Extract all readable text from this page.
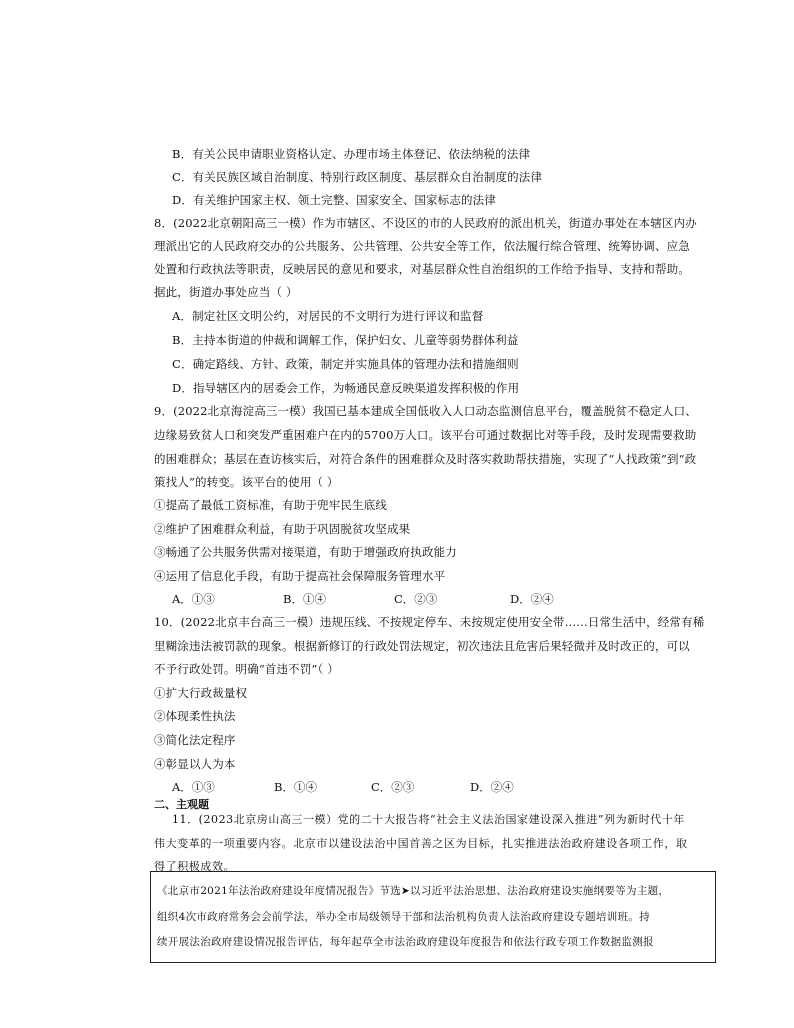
B．有关公民申请职业资格认定、办理市场主体登记、依法纳税的法律
C．有关民族区域自治制度、特别行政区制度、基层群众自治制度的法律
D．有关维护国家主权、领土完整、国家安全、国家标志的法律
8．(2022北京朝阳高三一模）作为市辖区、不设区的市的人民政府的派出机关，街道办事处在本辖区内办
理派出它的人民政府交办的公共服务、公共管理、公共安全等工作，依法履行综合管理、统筹协调、应急
处置和行政执法等职责，反映居民的意见和要求，对基层群众性自治组织的工作给予指导、支持和帮助。
据此，街道办事处应当（ ）
A．制定社区文明公约，对居民的不文明行为进行评议和监督
B．主持本街道的仲裁和调解工作，保护妇女、儿童等弱势群体利益
C．确定路线、方针、政策，制定并实施具体的管理办法和措施细则
D．指导辖区内的居委会工作，为畅通民意反映渠道发挥积极的作用
9．(2022北京海淀高三一模）我国已基本建成全国低收入人口动态监测信息平台，覆盖脱贫不稳定人口、
边缘易致贫人口和突发严重困难户在内的5700万人口。该平台可通过数据比对等手段，及时发现需要救助
的困难群众；基层在查访核实后，对符合条件的困难群众及时落实救助帮扶措施，实现了“人找政策”到“政
策找人”的转变。该平台的使用（ ）
①提高了最低工资标准，有助于兜牢民生底线
②维护了困难群众利益，有助于巩固脱贫攻坚成果
③畅通了公共服务供需对接渠道，有助于增强政府执政能力
④运用了信息化手段，有助于提高社会保障服务管理水平
A．①③	B．①④	C．②③	D．②④
10．(2022北京丰台高三一模）违规压线、不按规定停车、未按规定使用安全带……日常生活中，经常有稀
里糊涂违法被罚款的现象。根据新修订的行政处罚法规定，初次违法且危害后果轻微并及时改正的，可以
不予行政处罚。明确“首违不罚”（ ）
①扩大行政裁量权
②体现柔性执法
③简化法定程序
④彰显以人为本
A．①③	B．①④	C．②③	D．②④
二、主观题
11．(2023北京房山高三一模）党的二十大报告将“社会主义法治国家建设深入推进”列为新时代十年
伟大变革的一项重要内容。北京市以建设法治中国首善之区为目标，扎实推进法治政府建设各项工作，取
得了积极成效。
《北京市2021年法治政府建设年度情况报告》节选➤以习近平法治思想、法治政府建设实施纲要等为主题，
组织4次市政府常务会会前学法，举办全市局级领导干部和法治机构负责人法治政府建设专题培训班。持
续开展法治政府建设情况报告评估，每年起草全市法治政府建设年度报告和依法行政专项工作数据监测报
